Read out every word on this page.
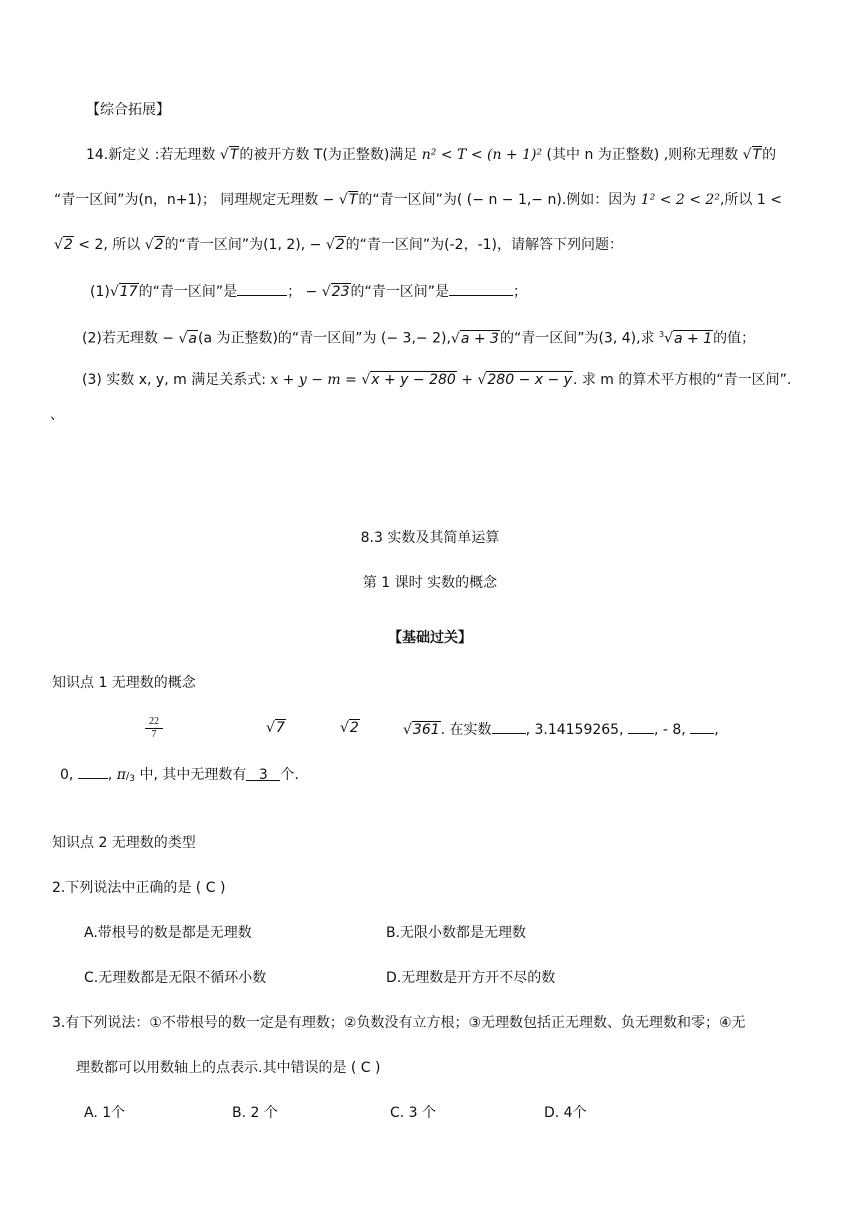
【综合拓展】
14.新定义 :若无理数 √T的被开方数 T(为正整数)满足 n² < T < (n + 1)² (其中 n 为正整数) ,则称无理数 √T的
“青一区间”为(n，n+1)； 同理规定无理数 − √T的“青一区间”为( (− n − 1,− n).例如：因为 1² < 2 < 2²,所以 1 <
√2 < 2, 所以 √2的“青一区间”为(1, 2), − √2的“青一区间”为(-2，-1)，请解答下列问题：
(1)√17的“青一区间”是	； − √23的“青一区间”是	；
(2)若无理数 − √a(a 为正整数)的“青一区间”为 (− 3,− 2),√a + 3的“青一区间”为(3, 4),求 $^3$√a + 1的值；
(3) 实数 x, y, m 满足关系式: x + y − m = √x + y − 280 + √280 − x − y. 求 m 的算术平方根的“青一区间”.
、
8.3 实数及其简单运算
第 1 课时 实数的概念
【基础过关】
知识点 1 无理数的概念
$\frac{22}{7}$	√7	√2	√361. 在实数 , 3.14159265, , - 8, ,
0, , π/3 中, 其中无理数有 3 个.
知识点 2 无理数的类型
2.下列说法中正确的是 ( C )
A.带根号的数是都是无理数	B.无限小数都是无理数
C.无理数都是无限不循环小数	D.无理数是开方开不尽的数
3.有下列说法：①不带根号的数一定是有理数；②负数没有立方根；③无理数包括正无理数、负无理数和零；④无
理数都可以用数轴上的点表示.其中错误的是 ( C )
A. 1个	B. 2 个	C. 3 个	D. 4个
